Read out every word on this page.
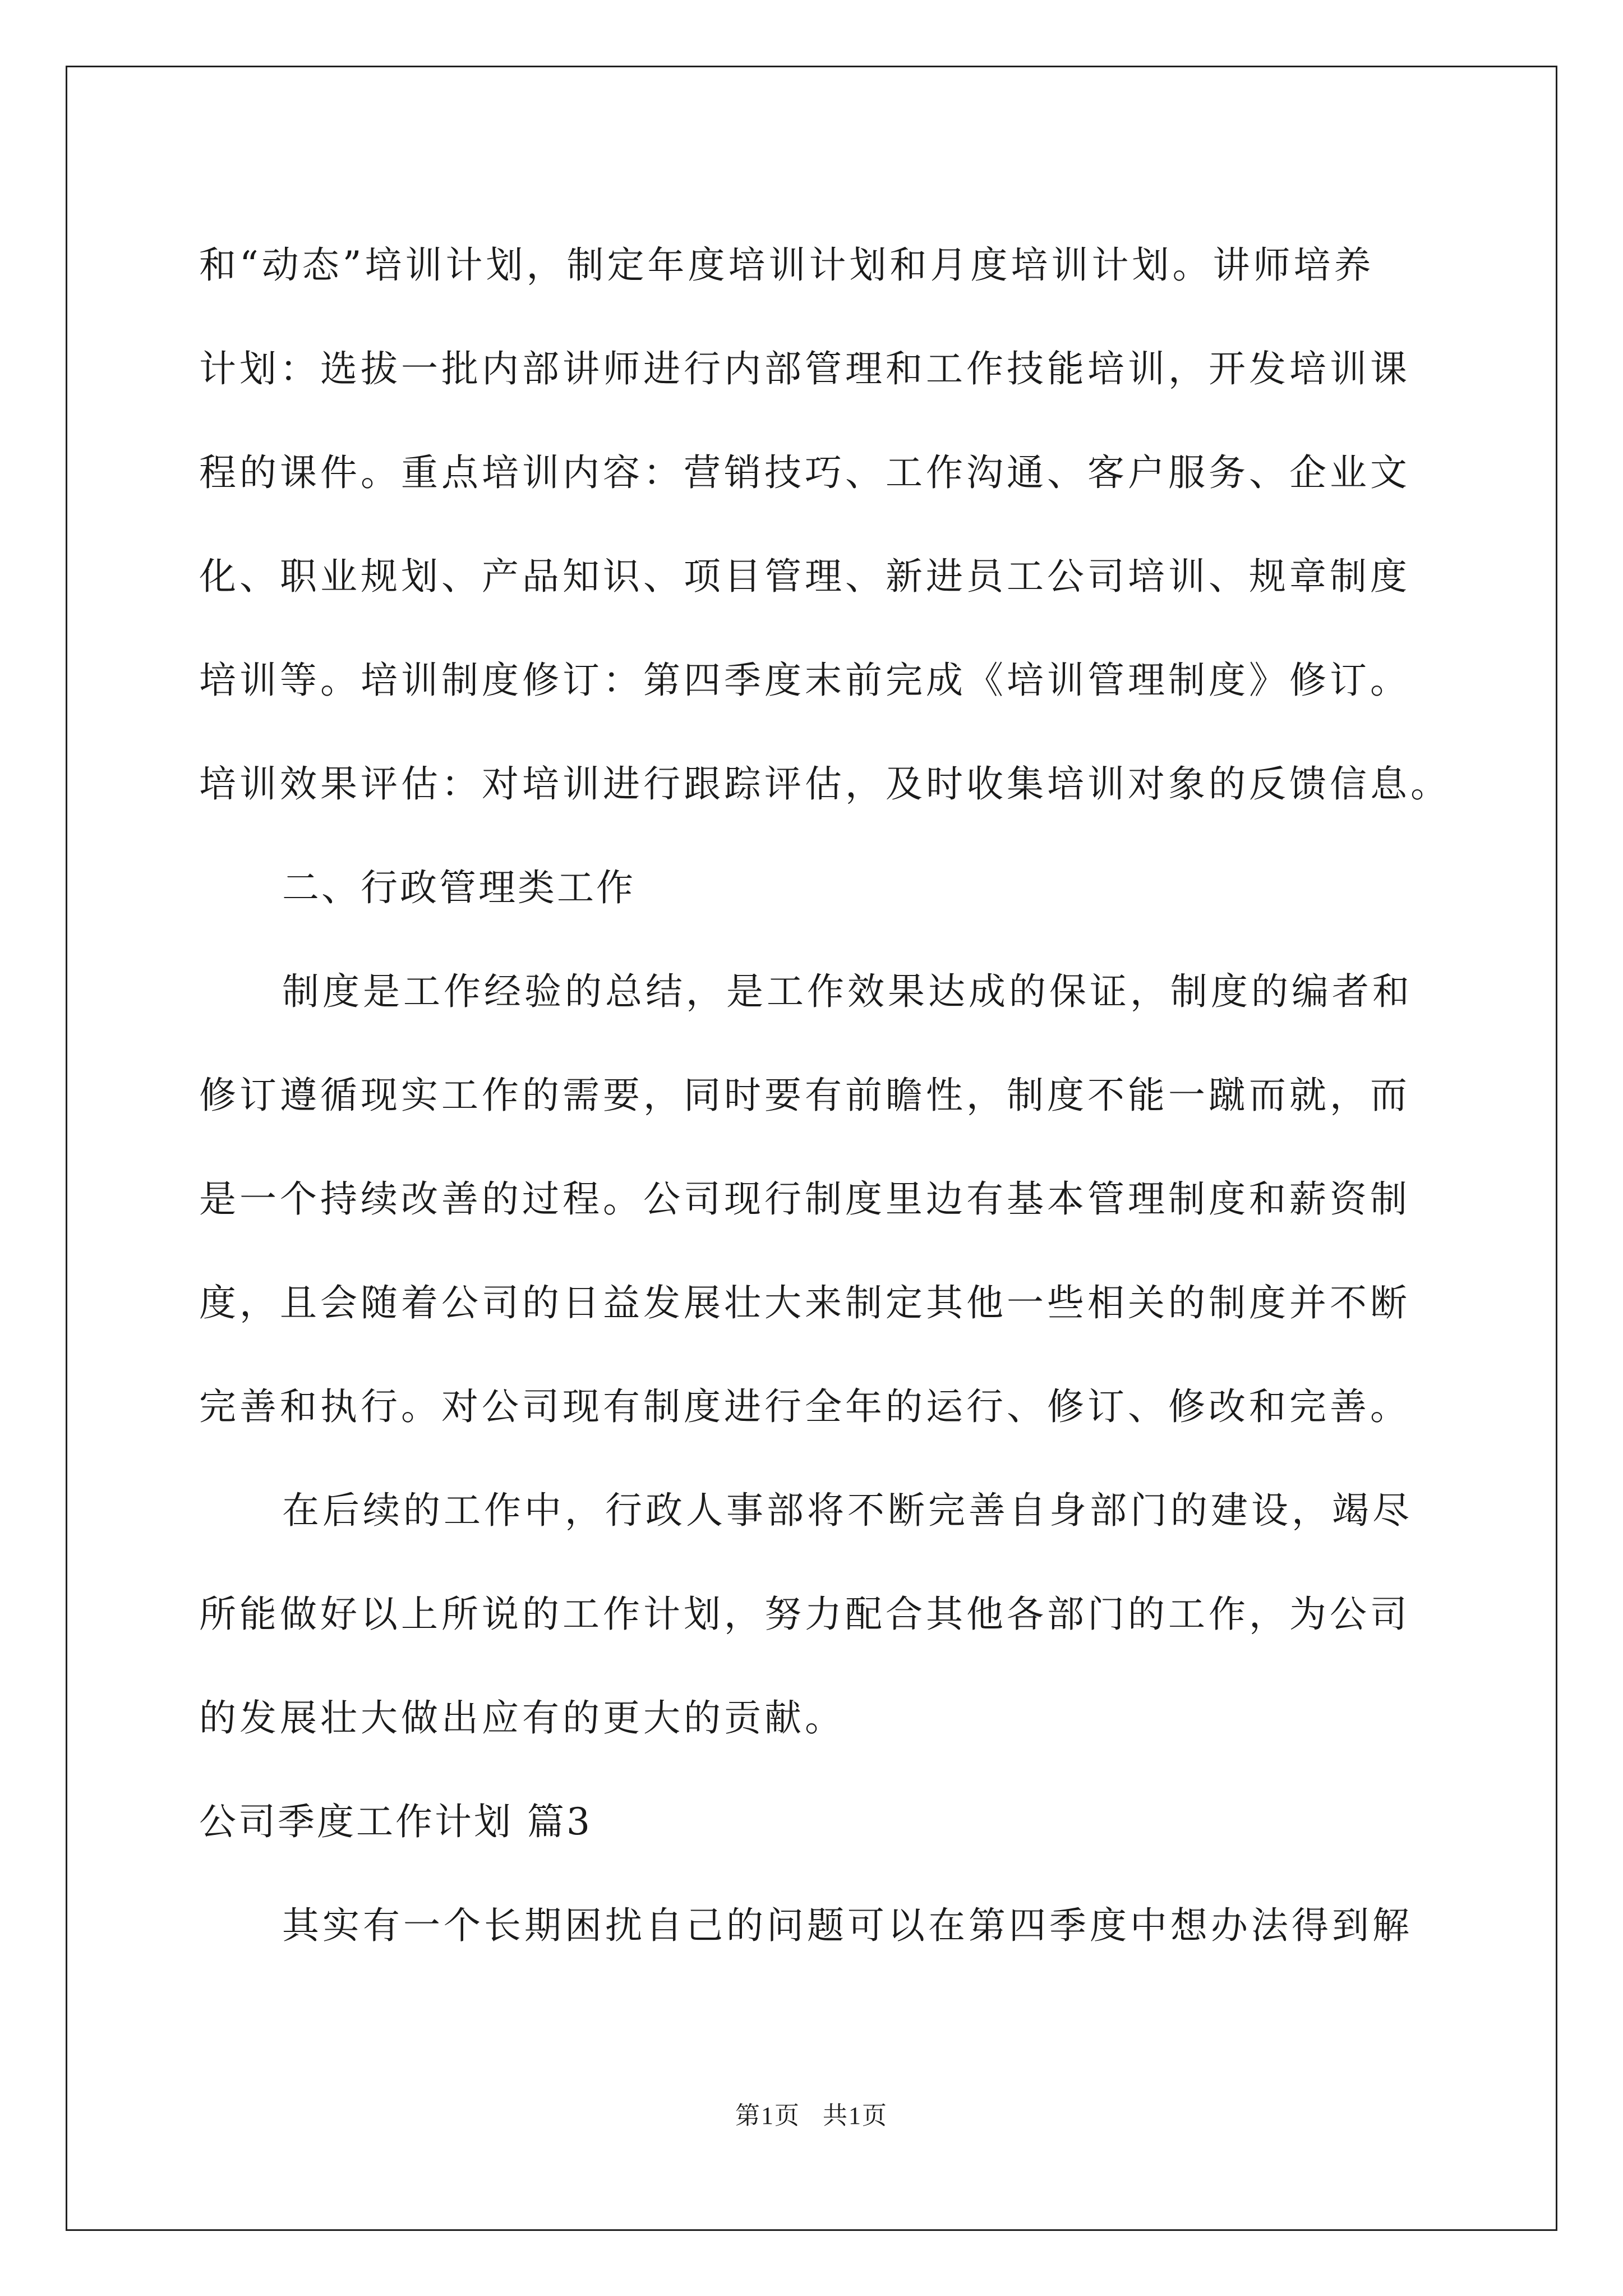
和“动态”培训计划，制定年度培训计划和月度培训计划。讲师培养
计划：选拔一批内部讲师进行内部管理和工作技能培训，开发培训课
程的课件。重点培训内容：营销技巧、工作沟通、客户服务、企业文
化、职业规划、产品知识、项目管理、新进员工公司培训、规章制度
培训等。培训制度修订：第四季度末前完成《培训管理制度》修订。
培训效果评估：对培训进行跟踪评估，及时收集培训对象的反馈信息。
二、行政管理类工作
制度是工作经验的总结，是工作效果达成的保证，制度的编者和
修订遵循现实工作的需要，同时要有前瞻性，制度不能一蹴而就，而
是一个持续改善的过程。公司现行制度里边有基本管理制度和薪资制
度，且会随着公司的日益发展壮大来制定其他一些相关的制度并不断
完善和执行。对公司现有制度进行全年的运行、修订、修改和完善。
在后续的工作中，行政人事部将不断完善自身部门的建设，竭尽
所能做好以上所说的工作计划，努力配合其他各部门的工作，为公司
的发展壮大做出应有的更大的贡献。
公司季度工作计划 篇3
其实有一个长期困扰自己的问题可以在第四季度中想办法得到解
第1页 共1页
